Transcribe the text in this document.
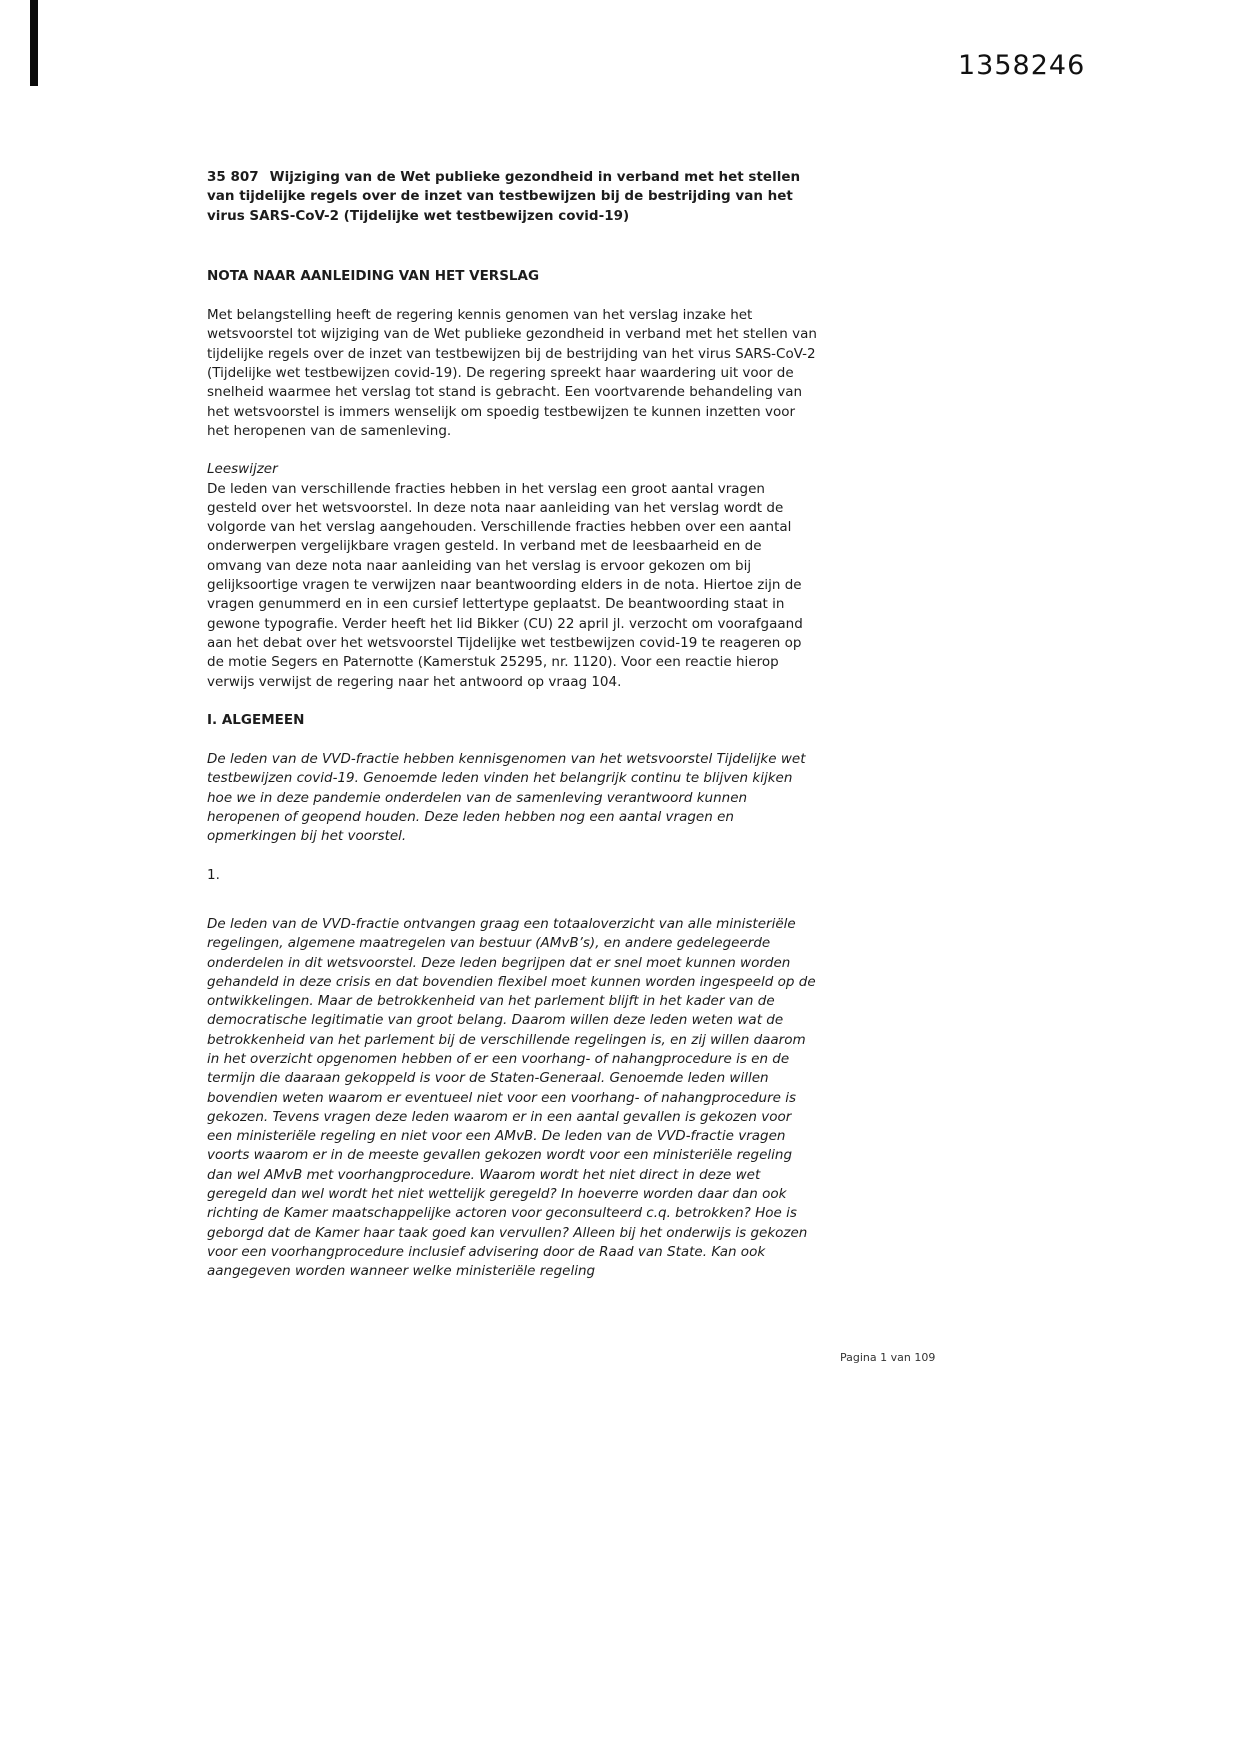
1358246

35 807 Wijziging van de Wet publieke gezondheid in verband met het stellen van tijdelijke regels over de inzet van testbewijzen bij de bestrijding van het virus SARS-CoV-2 (Tijdelijke wet testbewijzen covid-19)

NOTA NAAR AANLEIDING VAN HET VERSLAG

Met belangstelling heeft de regering kennis genomen van het verslag inzake het wetsvoorstel tot wijziging van de Wet publieke gezondheid in verband met het stellen van tijdelijke regels over de inzet van testbewijzen bij de bestrijding van het virus SARS-CoV-2 (Tijdelijke wet testbewijzen covid-19). De regering spreekt haar waardering uit voor de snelheid waarmee het verslag tot stand is gebracht. Een voortvarende behandeling van het wetsvoorstel is immers wenselijk om spoedig testbewijzen te kunnen inzetten voor het heropenen van de samenleving.

Leeswijzer

De leden van verschillende fracties hebben in het verslag een groot aantal vragen gesteld over het wetsvoorstel. In deze nota naar aanleiding van het verslag wordt de volgorde van het verslag aangehouden. Verschillende fracties hebben over een aantal onderwerpen vergelijkbare vragen gesteld. In verband met de leesbaarheid en de omvang van deze nota naar aanleiding van het verslag is ervoor gekozen om bij gelijksoortige vragen te verwijzen naar beantwoording elders in de nota. Hiertoe zijn de vragen genummerd en in een cursief lettertype geplaatst. De beantwoording staat in gewone typografie. Verder heeft het lid Bikker (CU) 22 april jl. verzocht om voorafgaand aan het debat over het wetsvoorstel Tijdelijke wet testbewijzen covid-19 te reageren op de motie Segers en Paternotte (Kamerstuk 25295, nr. 1120). Voor een reactie hierop verwijs verwijst de regering naar het antwoord op vraag 104.

I. ALGEMEEN

De leden van de VVD-fractie hebben kennisgenomen van het wetsvoorstel Tijdelijke wet testbewijzen covid-19. Genoemde leden vinden het belangrijk continu te blijven kijken hoe we in deze pandemie onderdelen van de samenleving verantwoord kunnen heropenen of geopend houden. Deze leden hebben nog een aantal vragen en opmerkingen bij het voorstel.

1.

De leden van de VVD-fractie ontvangen graag een totaaloverzicht van alle ministeriële regelingen, algemene maatregelen van bestuur (AMvB’s), en andere gedelegeerde onderdelen in dit wetsvoorstel. Deze leden begrijpen dat er snel moet kunnen worden gehandeld in deze crisis en dat bovendien flexibel moet kunnen worden ingespeeld op de ontwikkelingen. Maar de betrokkenheid van het parlement blijft in het kader van de democratische legitimatie van groot belang. Daarom willen deze leden weten wat de betrokkenheid van het parlement bij de verschillende regelingen is, en zij willen daarom in het overzicht opgenomen hebben of er een voorhang- of nahangprocedure is en de termijn die daaraan gekoppeld is voor de Staten-Generaal. Genoemde leden willen bovendien weten waarom er eventueel niet voor een voorhang- of nahangprocedure is gekozen. Tevens vragen deze leden waarom er in een aantal gevallen is gekozen voor een ministeriële regeling en niet voor een AMvB. De leden van de VVD-fractie vragen voorts waarom er in de meeste gevallen gekozen wordt voor een ministeriële regeling dan wel AMvB met voorhangprocedure. Waarom wordt het niet direct in deze wet geregeld dan wel wordt het niet wettelijk geregeld? In hoeverre worden daar dan ook richting de Kamer maatschappelijke actoren voor geconsulteerd c.q. betrokken? Hoe is geborgd dat de Kamer haar taak goed kan vervullen? Alleen bij het onderwijs is gekozen voor een voorhangprocedure inclusief advisering door de Raad van State. Kan ook aangegeven worden wanneer welke ministeriële regeling

Pagina 1 van 109
